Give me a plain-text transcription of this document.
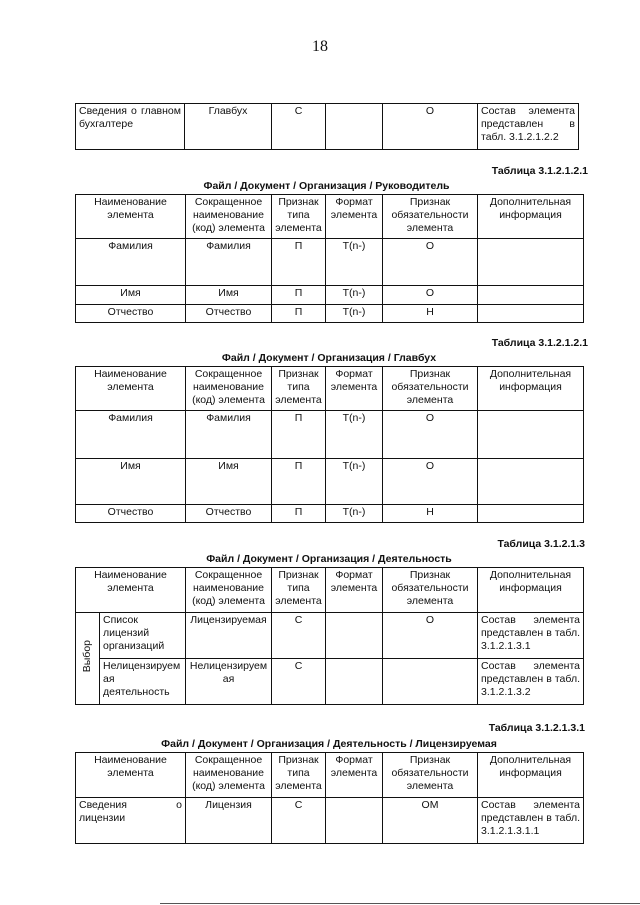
18
Сведения о главном бухгалтере	Главбух	С		О	Состав элемента представлен в табл. 3.1.2.1.2.2
Таблица 3.1.2.1.2.1
Файл / Документ / Организация / Руководитель
Наименование элемента	Сокращенное наименование (код) элемента	Признак типа элемента	Формат элемента	Признак обязательности элемента	Дополнительная информация
Фамилия	Фамилия	П	T(n-)	О	
Имя	Имя	П	T(n-)	О	
Отчество	Отчество	П	T(n-)	Н	
Таблица 3.1.2.1.2.1
Файл / Документ / Организация / Главбух
Наименование элемента	Сокращенное наименование (код) элемента	Признак типа элемента	Формат элемента	Признак обязательности элемента	Дополнительная информация
Фамилия	Фамилия	П	T(n-)	О	
Имя	Имя	П	T(n-)	О	
Отчество	Отчество	П	T(n-)	Н	
Таблица 3.1.2.1.3
Файл / Документ / Организация / Деятельность
Наименование элемента		Сокращенное наименование (код) элемента	Признак типа элемента	Формат элемента	Признак обязательности элемента	Дополнительная информация
Выбор	Список лицензий организаций	Лицензируемая	С		О	Состав элемента представлен в табл. 3.1.2.1.3.1
	Нелицензируем ая деятельность	Нелицензируем ая	С			Состав элемента представлен в табл. 3.1.2.1.3.2
Таблица 3.1.2.1.3.1
Файл / Документ / Организация / Деятельность / Лицензируемая
Наименование элемента	Сокращенное наименование (код) элемента	Признак типа элемента	Формат элемента	Признак обязательности элемента	Дополнительная информация
Сведения о лицензии	Лицензия	С		ОМ	Состав элемента представлен в табл. 3.1.2.1.3.1.1
